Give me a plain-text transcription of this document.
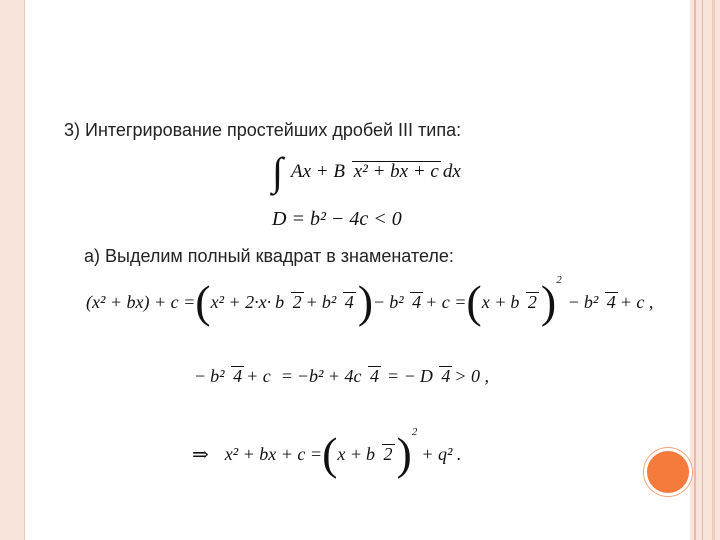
3) Интегрирование простейших дробей III типа:
∫ Ax + B x² + bx + c dx
D = b² − 4c < 0
а) Выделим полный квадрат в знаменателе:
(x² + bx) + c = ( x² + 2·x· b 2 + b² 4 ) − b² 4 + c = ( x + b 2 )$^2$
− b² 4 + c ,
− b² 4 + c = −b² + 4c 4 = − D 4 > 0 ,
⇒ x² + bx + c = ( x + b 2 )$^2$
+ q² .
